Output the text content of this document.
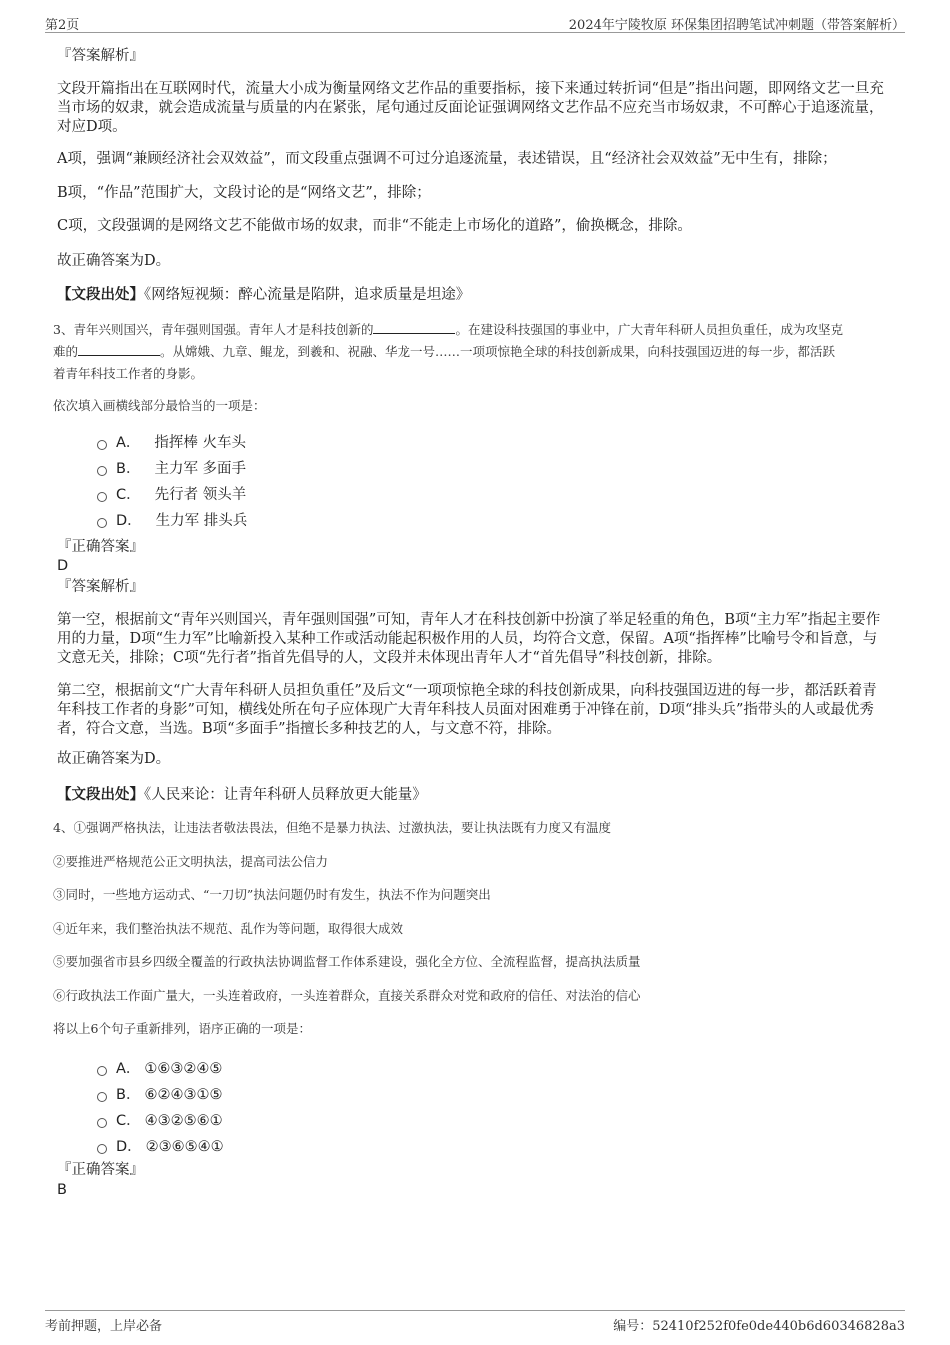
第2页	2024年宁陵牧原 环保集团招聘笔试冲刺题（带答案解析）
『答案解析』
文段开篇指出在互联网时代，流量大小成为衡量网络文艺作品的重要指标，接下来通过转折词“但是”指出问题，即网络文艺一旦充当市场的奴隶，就会造成流量与质量的内在紧张，尾句通过反面论证强调网络文艺作品不应充当市场奴隶，不可醉心于追逐流量，对应D项。
A项，强调“兼顾经济社会双效益”，而文段重点强调不可过分追逐流量，表述错误，且“经济社会双效益”无中生有，排除；
B项，“作品”范围扩大，文段讨论的是“网络文艺”，排除；
C项，文段强调的是网络文艺不能做市场的奴隶，而非“不能走上市场化的道路”，偷换概念，排除。
故正确答案为D。
【文段出处】《网络短视频：醉心流量是陷阱，追求质量是坦途》
3、青年兴则国兴，青年强则国强。青年人才是科技创新的	。在建设科技强国的事业中，广大青年科研人员担负重任，成为攻坚克
难的	。从嫦娥、九章、鲲龙，到羲和、祝融、华龙一号……一项项惊艳全球的科技创新成果，向科技强国迈进的每一步，都活跃
着青年科技工作者的身影。
依次填入画横线部分最恰当的一项是：
A． 指挥棒 火车头
B． 主力军 多面手
C． 先行者 领头羊
D． 生力军 排头兵
『正确答案』
D
『答案解析』
第一空，根据前文“青年兴则国兴，青年强则国强”可知，青年人才在科技创新中扮演了举足轻重的角色，B项“主力军”指起主要作用的力量，D项“生力军”比喻新投入某种工作或活动能起积极作用的人员，均符合文意，保留。A项“指挥棒”比喻号令和旨意，与文意无关，排除；C项“先行者”指首先倡导的人，文段并未体现出青年人才“首先倡导”科技创新，排除。
第二空，根据前文“广大青年科研人员担负重任”及后文“一项项惊艳全球的科技创新成果，向科技强国迈进的每一步，都活跃着青年科技工作者的身影”可知，横线处所在句子应体现广大青年科技人员面对困难勇于冲锋在前，D项“排头兵”指带头的人或最优秀者，符合文意，当选。B项“多面手”指擅长多种技艺的人，与文意不符，排除。
故正确答案为D。
【文段出处】《人民来论：让青年科研人员释放更大能量》
4、①强调严格执法，让违法者敬法畏法，但绝不是暴力执法、过激执法，要让执法既有力度又有温度
②要推进严格规范公正文明执法，提高司法公信力
③同时，一些地方运动式、“一刀切”执法问题仍时有发生，执法不作为问题突出
④近年来，我们整治执法不规范、乱作为等问题，取得很大成效
⑤要加强省市县乡四级全覆盖的行政执法协调监督工作体系建设，强化全方位、全流程监督，提高执法质量
⑥行政执法工作面广量大，一头连着政府，一头连着群众，直接关系群众对党和政府的信任、对法治的信心
将以上6个句子重新排列，语序正确的一项是：
A． ①⑥③②④⑤
B． ⑥②④③①⑤
C． ④③②⑤⑥①
D． ②③⑥⑤④①
『正确答案』
B
考前押题，上岸必备	编号：52410f252f0fe0de440b6d60346828a3
